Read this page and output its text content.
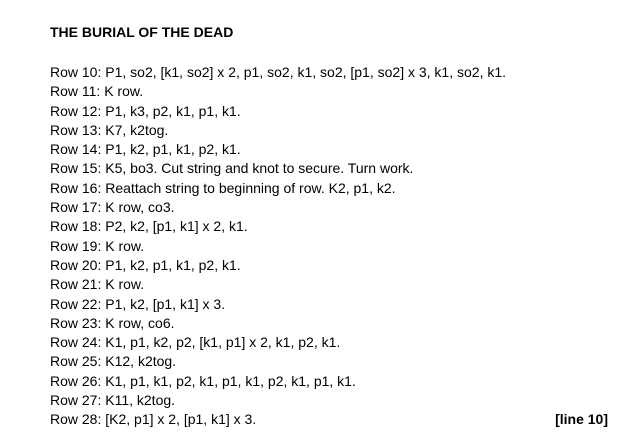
THE BURIAL OF THE DEAD
Row 10: P1, so2, [k1, so2] x 2, p1, so2, k1, so2, [p1, so2] x 3, k1, so2, k1.
Row 11: K row.
Row 12: P1, k3, p2, k1, p1, k1.
Row 13: K7, k2tog.
Row 14: P1, k2, p1, k1, p2, k1.
Row 15: K5, bo3. Cut string and knot to secure. Turn work.
Row 16: Reattach string to beginning of row. K2, p1, k2.
Row 17: K row, co3.
Row 18: P2, k2, [p1, k1] x 2, k1.
Row 19: K row.
Row 20: P1, k2, p1, k1, p2, k1.
Row 21: K row.
Row 22: P1, k2, [p1, k1] x 3.
Row 23: K row, co6.
Row 24: K1, p1, k2, p2, [k1, p1] x 2, k1, p2, k1.
Row 25: K12, k2tog.
Row 26: K1, p1, k1, p2, k1, p1, k1, p2, k1, p1, k1.
Row 27: K11, k2tog.
Row 28: [K2, p1] x 2, [p1, k1] x 3.	[line 10]
